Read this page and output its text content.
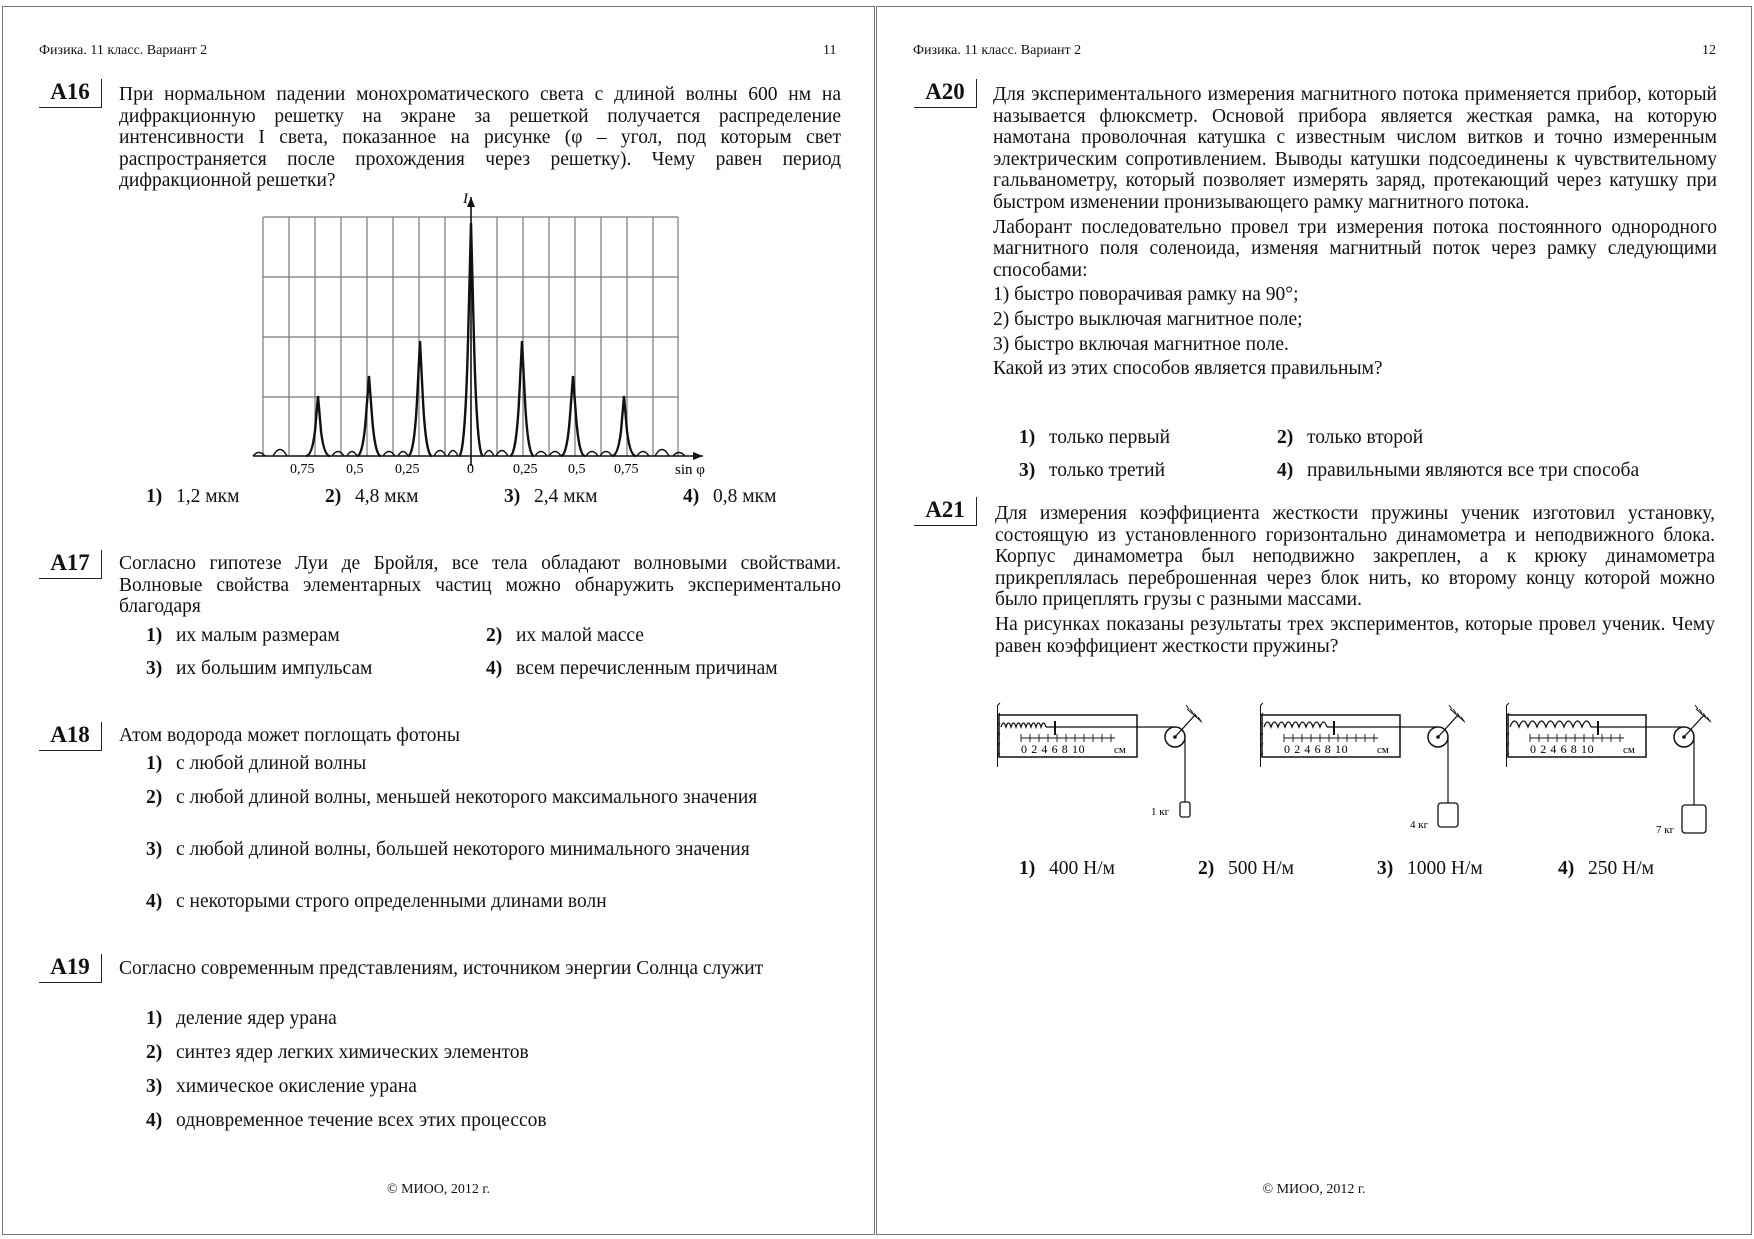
Физика. 11 класс. Вариант 2	11
A16	При нормальном падении монохроматического света с длиной волны 600 нм на дифракционную решетку на экране за решеткой получается распределение интенсивности I света, показанное на рисунке (φ – угол, под которым свет распространяется после прохождения через решетку). Чему равен период дифракционной решетки?
I
sin φ
0,75 0,5 0,25	0	0,25 0,5 0,75
1) 1,2 мкм	2) 4,8 мкм	3) 2,4 мкм	4) 0,8 мкм
A17	Согласно гипотезе Луи де Бройля, все тела обладают волновыми свойствами. Волновые свойства элементарных частиц можно обнаружить экспериментально благодаря
1) их малым размерам	2) их малой массе
3) их большим импульсам	4) всем перечисленным причинам
A18	Атом водорода может поглощать фотоны
1) с любой длиной волны
2) с любой длиной волны, меньшей некоторого максимального значения
3) с любой длиной волны, большей некоторого минимального значения
4) с некоторыми строго определенными длинами волн
A19	Согласно современным представлениям, источником энергии Солнца служит
1) деление ядер урана
2) синтез ядер легких химических элементов
3) химическое окисление урана
4) одновременное течение всех этих процессов
© МИОО, 2012 г.
Физика. 11 класс. Вариант 2	12
A20	Для экспериментального измерения магнитного потока применяется прибор, который называется флюксметр. Основой прибора является жесткая рамка, на которую намотана проволочная катушка с известным числом витков и точно измеренным электрическим сопротивлением. Выводы катушки подсоединены к чувствительному гальванометру, который позволяет измерять заряд, протекающий через катушку при быстром изменении пронизывающего рамку магнитного потока.

Лаборант последовательно провел три измерения потока постоянного однородного магнитного поля соленоида, изменяя магнитный поток через рамку следующими способами:

1) быстро поворачивая рамку на 90°;

2) быстро выключая магнитное поле;

3) быстро включая магнитное поле.

Какой из этих способов является правильным?

1) только первый	2) только второй
3) только третий	4) правильными являются все три способа
A21	Для измерения коэффициента жесткости пружины ученик изготовил установку, состоящую из установленного горизонтально динамометра и неподвижного блока. Корпус динамометра был неподвижно закреплен, а к крюку динамометра прикреплялась переброшенная через блок нить, ко второму концу которой можно было прицеплять грузы с разными массами.

На рисунках показаны результаты трех экспериментов, которые провел ученик. Чему равен коэффициент жесткости пружины?

0 2 4 6 8 10	см
1 кг
0 2 4 6 8 10	см
4 кг
0 2 4 6 8 10	см
7 кг
1) 400 Н/м	2) 500 Н/м	3) 1000 Н/м	4) 250 Н/м
© МИОО, 2012 г.
